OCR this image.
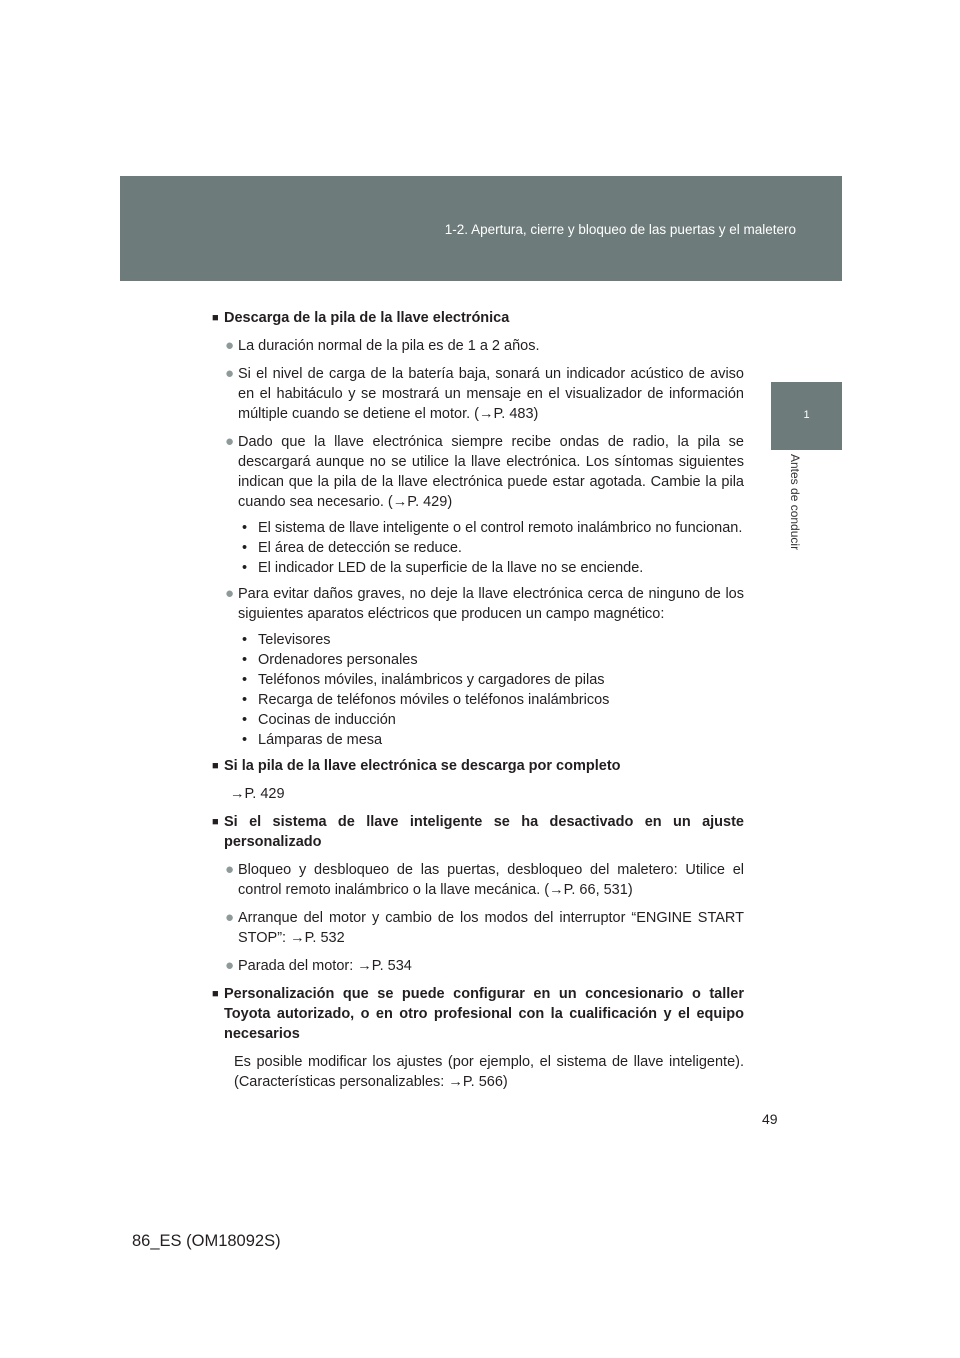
1-2. Apertura, cierre y bloqueo de las puertas y el maletero
1
Antes de conducir
■ Descarga de la pila de la llave electrónica

● La duración normal de la pila es de 1 a 2 años.

● Si el nivel de carga de la batería baja, sonará un indicador acústico de aviso en el habitáculo y se mostrará un mensaje en el visualizador de información múltiple cuando se detiene el motor. (→P. 483)

● Dado que la llave electrónica siempre recibe ondas de radio, la pila se descargará aunque no se utilice la llave electrónica. Los síntomas siguientes indican que la pila de la llave electrónica puede estar agotada. Cambie la pila cuando sea necesario. (→P. 429)

• El sistema de llave inteligente o el control remoto inalámbrico no funcionan.

• El área de detección se reduce.

• El indicador LED de la superficie de la llave no se enciende.

● Para evitar daños graves, no deje la llave electrónica cerca de ninguno de los siguientes aparatos eléctricos que producen un campo magnético:

• Televisores

• Ordenadores personales

• Teléfonos móviles, inalámbricos y cargadores de pilas

• Recarga de teléfonos móviles o teléfonos inalámbricos

• Cocinas de inducción

• Lámparas de mesa

■ Si la pila de la llave electrónica se descarga por completo

→P. 429
■ Si el sistema de llave inteligente se ha desactivado en un ajuste personalizado

● Bloqueo y desbloqueo de las puertas, desbloqueo del maletero: Utilice el control remoto inalámbrico o la llave mecánica. (→P. 66, 531)

● Arranque del motor y cambio de los modos del interruptor “ENGINE START STOP”: →P. 532

● Parada del motor: →P. 534

■ Personalización que se puede configurar en un concesionario o taller Toyota autorizado, o en otro profesional con la cualificación y el equipo necesarios

Es posible modificar los ajustes (por ejemplo, el sistema de llave inteligente). (Características personalizables: →P. 566)

49
86_ES (OM18092S)
